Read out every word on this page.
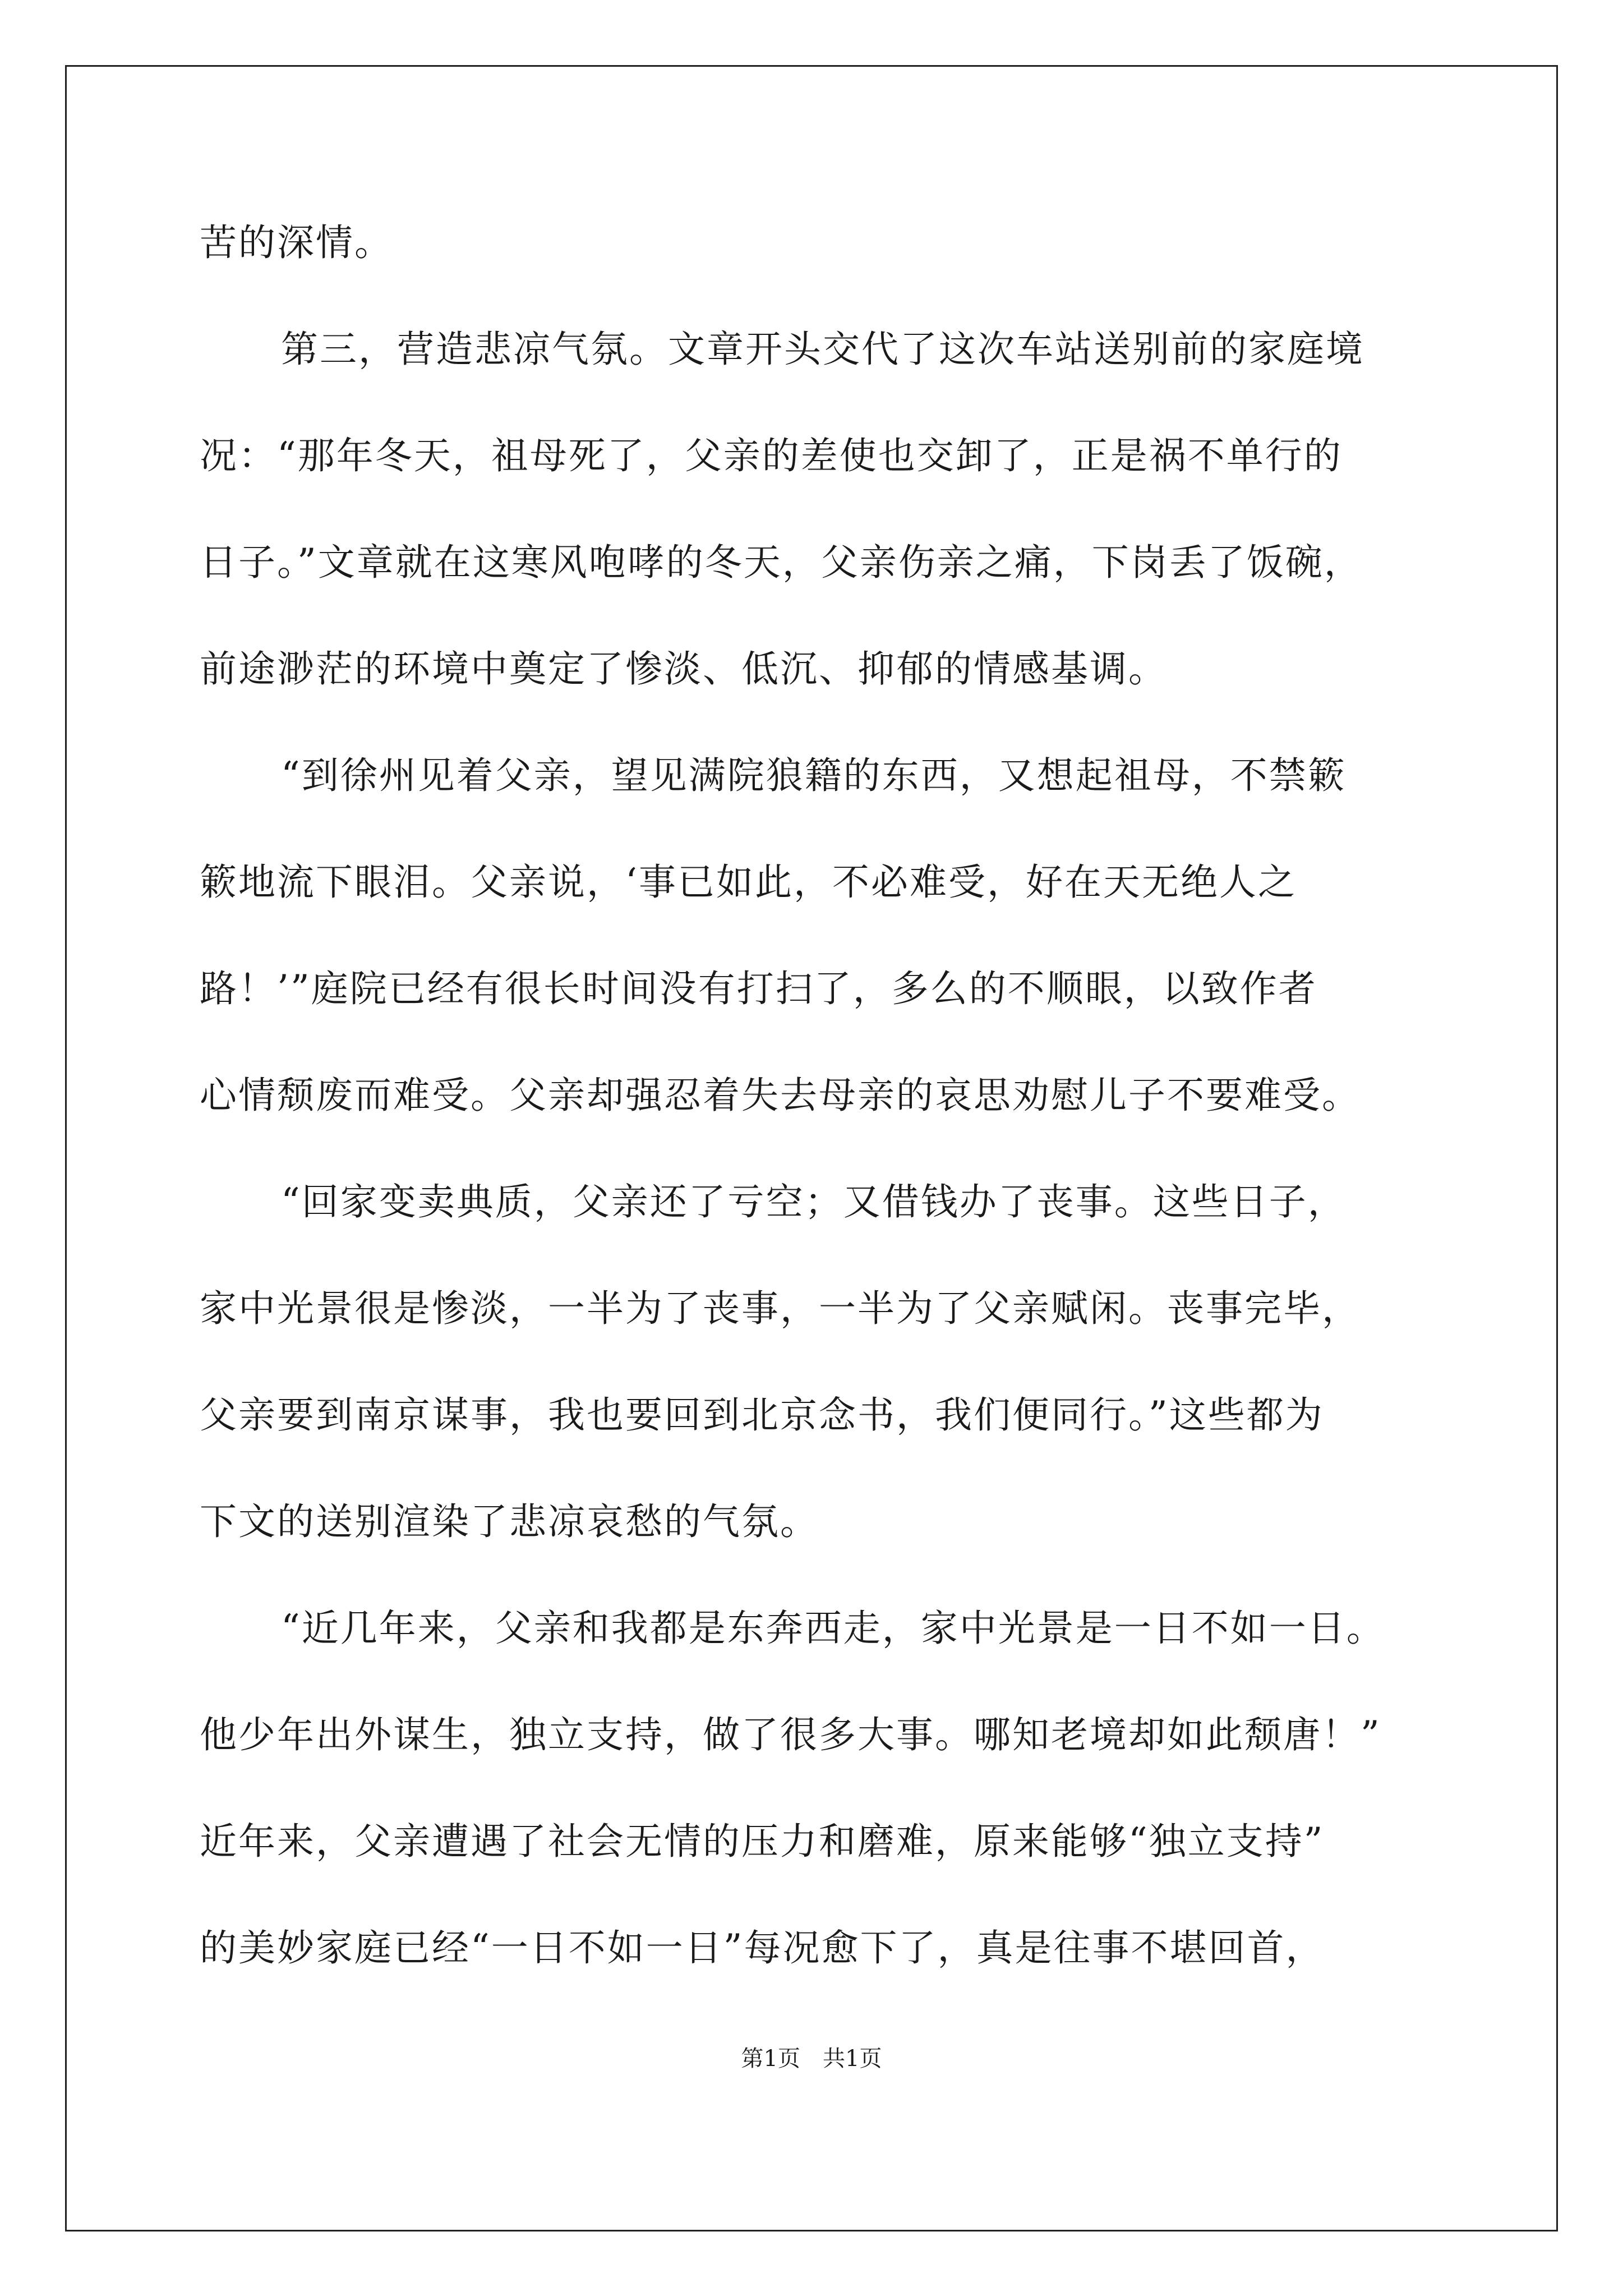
苦的深情。
第三，营造悲凉气氛。文章开头交代了这次车站送别前的家庭境
况：“那年冬天，祖母死了，父亲的差使也交卸了，正是祸不单行的
日子。”文章就在这寒风咆哮的冬天，父亲伤亲之痛，下岗丢了饭碗，
前途渺茫的环境中奠定了惨淡、低沉、抑郁的情感基调。
“到徐州见着父亲，望见满院狼籍的东西，又想起祖母，不禁簌
簌地流下眼泪。父亲说，‘事已如此，不必难受，好在天无绝人之
路！’”庭院已经有很长时间没有打扫了，多么的不顺眼，以致作者
心情颓废而难受。父亲却强忍着失去母亲的哀思劝慰儿子不要难受。
“回家变卖典质，父亲还了亏空；又借钱办了丧事。这些日子，
家中光景很是惨淡，一半为了丧事，一半为了父亲赋闲。丧事完毕，
父亲要到南京谋事，我也要回到北京念书，我们便同行。”这些都为
下文的送别渲染了悲凉哀愁的气氛。
“近几年来，父亲和我都是东奔西走，家中光景是一日不如一日。
他少年出外谋生，独立支持，做了很多大事。哪知老境却如此颓唐！”
近年来，父亲遭遇了社会无情的压力和磨难，原来能够“独立支持”
的美妙家庭已经“一日不如一日”每况愈下了，真是往事不堪回首，
第1页　共1页
